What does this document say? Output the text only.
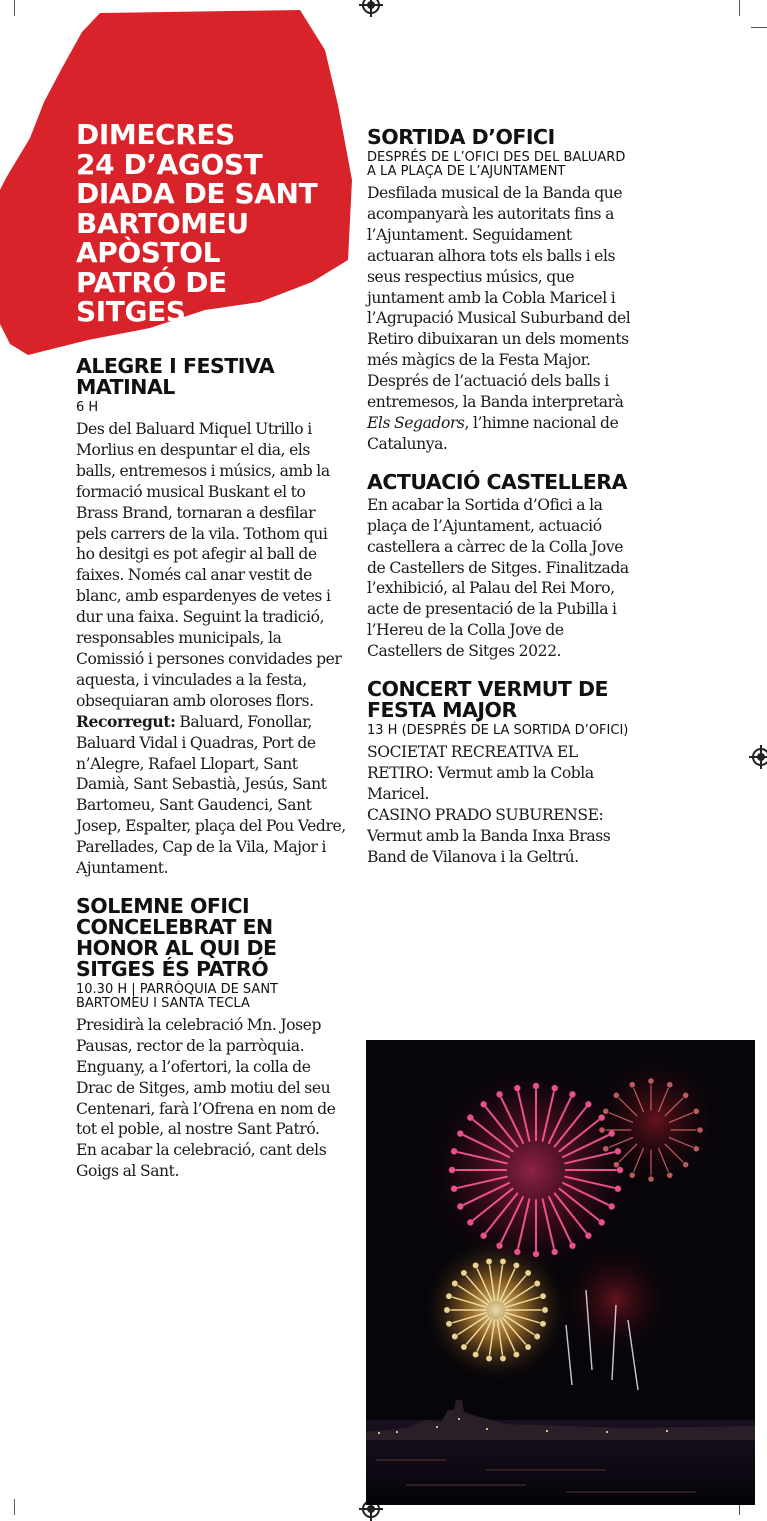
DIMECRES
24 D’AGOST
DIADA DE SANT
BARTOMEU
APÒSTOL
PATRÓ DE
SITGES
ALEGRE I FESTIVA MATINAL
6 H

Des del Baluard Miquel Utrillo i Morlius en despuntar el dia, els balls, entremesos i músics, amb la formació musical Buskant el to Brass Brand, tornaran a desfilar pels carrers de la vila. Tothom qui ho desitgi es pot afegir al ball de faixes. Només cal anar vestit de blanc, amb espardenyes de vetes i dur una faixa. Seguint la tradició, responsables municipals, la Comissió i persones convidades per aquesta, i vinculades a la festa, obsequiaran amb oloroses flors.

Recorregut: Baluard, Fonollar, Baluard Vidal i Quadras, Port de n’Alegre, Rafael Llopart, Sant Damià, Sant Sebastià, Jesús, Sant Bartomeu, Sant Gaudenci, Sant Josep, Espalter, plaça del Pou Vedre, Parellades, Cap de la Vila, Major i Ajuntament.

SOLEMNE OFICI CONCELEBRAT EN HONOR AL QUI DE SITGES ÉS PATRÓ
10.30 H | PARRÒQUIA DE SANT BARTOMEU I SANTA TECLA

Presidirà la celebració Mn. Josep Pausas, rector de la parròquia. Enguany, a l’ofertori, la colla de Drac de Sitges, amb motiu del seu Centenari, farà l’Ofrena en nom de tot el poble, al nostre Sant Patró.

En acabar la celebració, cant dels Goigs al Sant.

SORTIDA D’OFICI
DESPRÉS DE L’OFICI DES DEL BALUARD A LA PLAÇA DE L’AJUNTAMENT

Desfilada musical de la Banda que acompanyarà les autoritats fins a l’Ajuntament. Seguidament actuaran alhora tots els balls i els seus respectius músics, que juntament amb la Cobla Maricel i l’Agrupació Musical Suburband del Retiro dibuixaran un dels moments més màgics de la Festa Major. Després de l’actuació dels balls i entremesos, la Banda interpretarà Els Segadors, l’himne nacional de Catalunya.

ACTUACIÓ CASTELLERA

En acabar la Sortida d’Ofici a la plaça de l’Ajuntament, actuació castellera a càrrec de la Colla Jove de Castellers de Sitges. Finalitzada l’exhibició, al Palau del Rei Moro, acte de presentació de la Pubilla i l’Hereu de la Colla Jove de Castellers de Sitges 2022.

CONCERT VERMUT DE FESTA MAJOR
13 H (DESPRÉS DE LA SORTIDA D’OFICI)

SOCIETAT RECREATIVA EL RETIRO: Vermut amb la Cobla Maricel.

CASINO PRADO SUBURENSE: Vermut amb la Banda Inxa Brass Band de Vilanova i la Geltrú.
